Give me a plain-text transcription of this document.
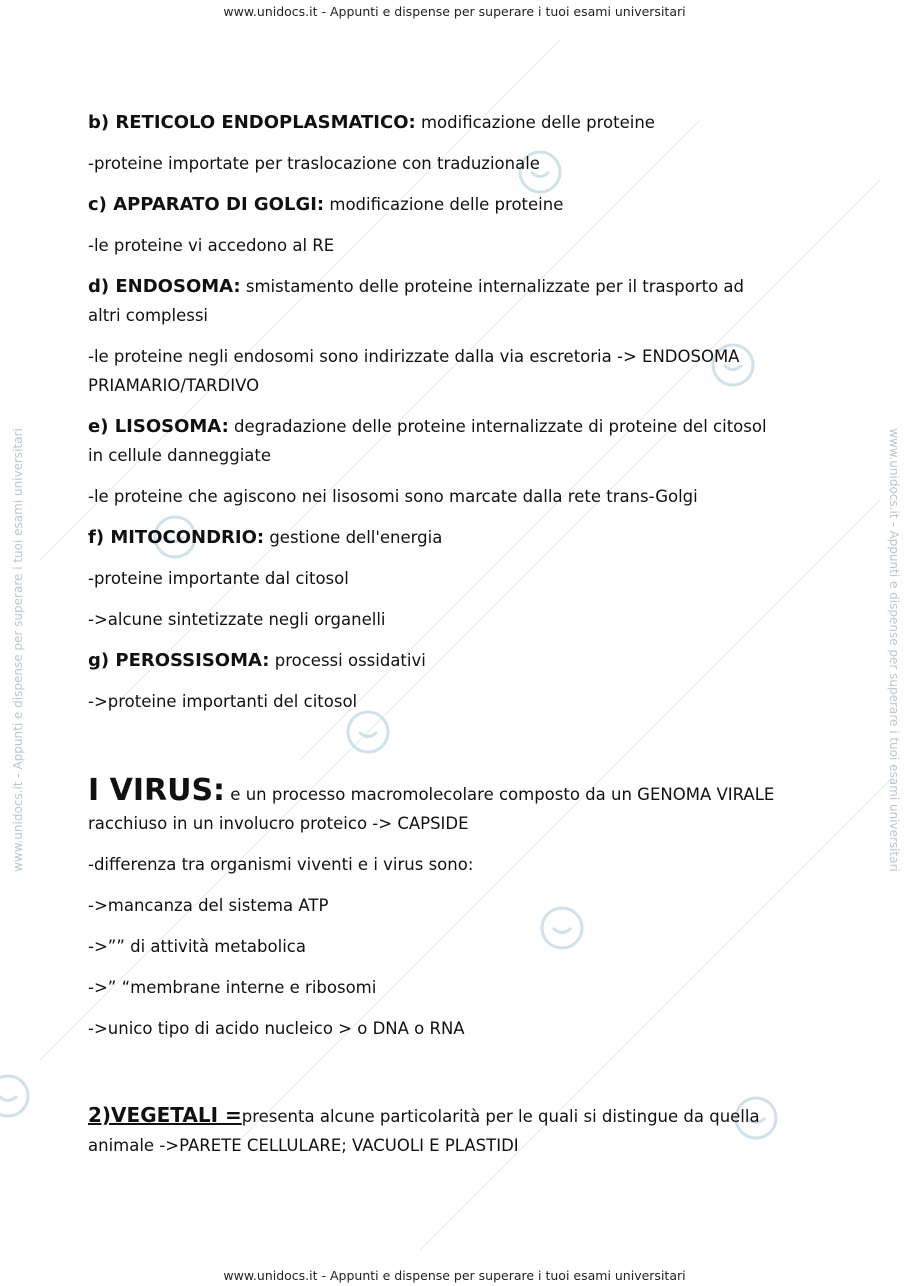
www.unidocs.it - Appunti e dispense per superare i tuoi esami universitari
www.unidocs.it - Appunti e dispense per superare i tuoi esami universitari
www.unidocs.it - Appunti e dispense per superare i tuoi esami universitari	www.unidocs.it - Appunti e dispense per superare i tuoi esami universitari

b) RETICOLO ENDOPLASMATICO: modificazione delle proteine

-proteine importate per traslocazione con traduzionale

c) APPARATO DI GOLGI: modificazione delle proteine

-le proteine vi accedono al RE

d) ENDOSOMA: smistamento delle proteine internalizzate per il trasporto ad

altri complessi

-le proteine negli endosomi sono indirizzate dalla via escretoria -> ENDOSOMA

PRIAMARIO/TARDIVO

e) LISOSOMA: degradazione delle proteine internalizzate di proteine del citosol

in cellule danneggiate

-le proteine che agiscono nei lisosomi sono marcate dalla rete trans-Golgi

f) MITOCONDRIO: gestione dell'energia

-proteine importante dal citosol

->alcune sintetizzate negli organelli

g) PEROSSISOMA: processi ossidativi

->proteine importanti del citosol

I VIRUS: e un processo macromolecolare composto da un GENOMA VIRALE

racchiuso in un involucro proteico -> CAPSIDE

-differenza tra organismi viventi e i virus sono:

->mancanza del sistema ATP

->”” di attività metabolica

->” “membrane interne e ribosomi

->unico tipo di acido nucleico > o DNA o RNA

2)VEGETALI =presenta alcune particolarità per le quali si distingue da quella

animale ->PARETE CELLULARE; VACUOLI E PLASTIDI
